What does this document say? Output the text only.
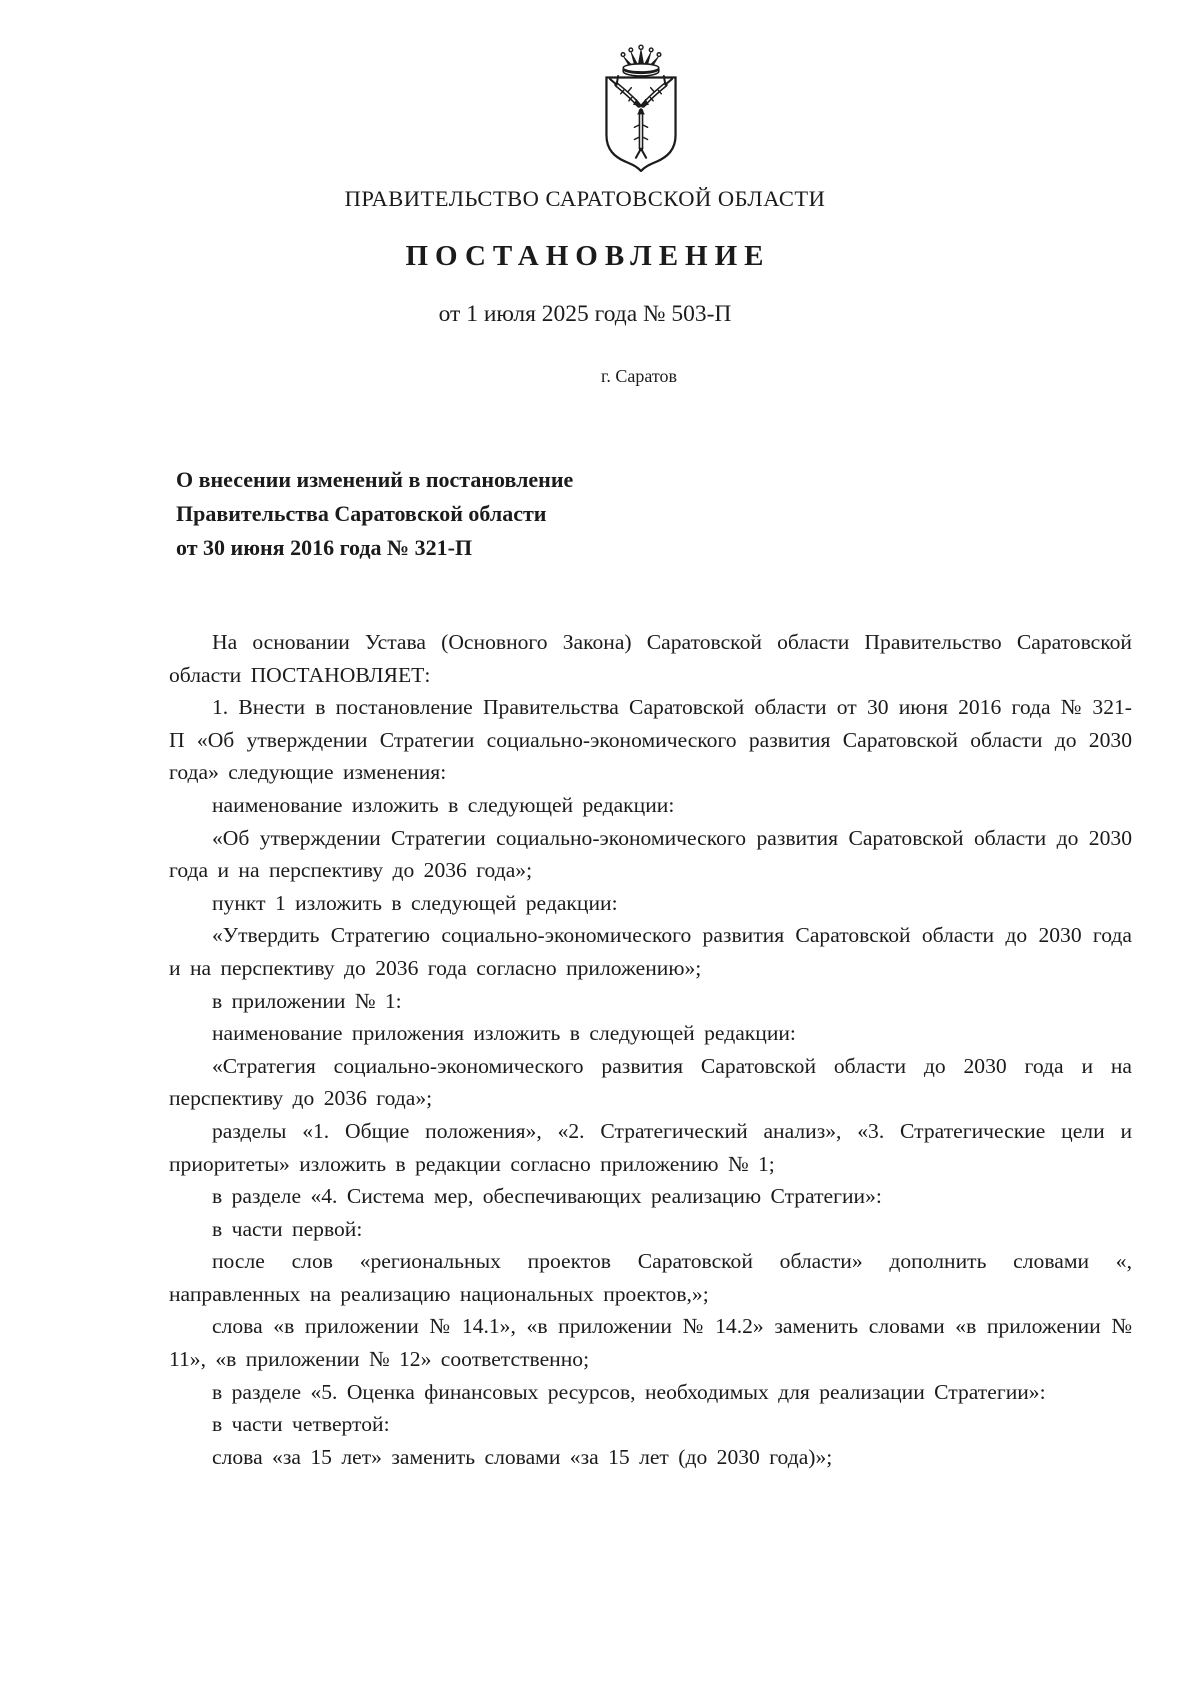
ПРАВИТЕЛЬСТВО САРАТОВСКОЙ ОБЛАСТИ
ПОСТАНОВЛЕНИЕ
от 1 июля 2025 года № 503-П
г. Саратов
О внесении изменений в постановление
Правительства Саратовской области
от 30 июня 2016 года № 321-П

На основании Устава (Основного Закона) Саратовской области Правительство Саратовской области ПОСТАНОВЛЯЕТ:

1. Внести в постановление Правительства Саратовской области от 30 июня 2016 года № 321-П «Об утверждении Стратегии социально-экономического развития Саратовской области до 2030 года» следующие изменения:

наименование изложить в следующей редакции:

«Об утверждении Стратегии социально-экономического развития Саратовской области до 2030 года и на перспективу до 2036 года»;

пункт 1 изложить в следующей редакции:

«Утвердить Стратегию социально-экономического развития Саратовской области до 2030 года и на перспективу до 2036 года согласно приложению»;

в приложении № 1:

наименование приложения изложить в следующей редакции:

«Стратегия социально-экономического развития Саратовской области до 2030 года и на перспективу до 2036 года»;

разделы «1. Общие положения», «2. Стратегический анализ», «3. Стратегические цели и приоритеты» изложить в редакции согласно приложению № 1;

в разделе «4. Система мер, обеспечивающих реализацию Стратегии»:

в части первой:

после слов «региональных проектов Саратовской области» дополнить словами «, направленных на реализацию национальных проектов,»;

слова «в приложении № 14.1», «в приложении № 14.2» заменить словами «в приложении № 11», «в приложении № 12» соответственно;

в разделе «5. Оценка финансовых ресурсов, необходимых для реализации Стратегии»:

в части четвертой:

слова «за 15 лет» заменить словами «за 15 лет (до 2030 года)»;
